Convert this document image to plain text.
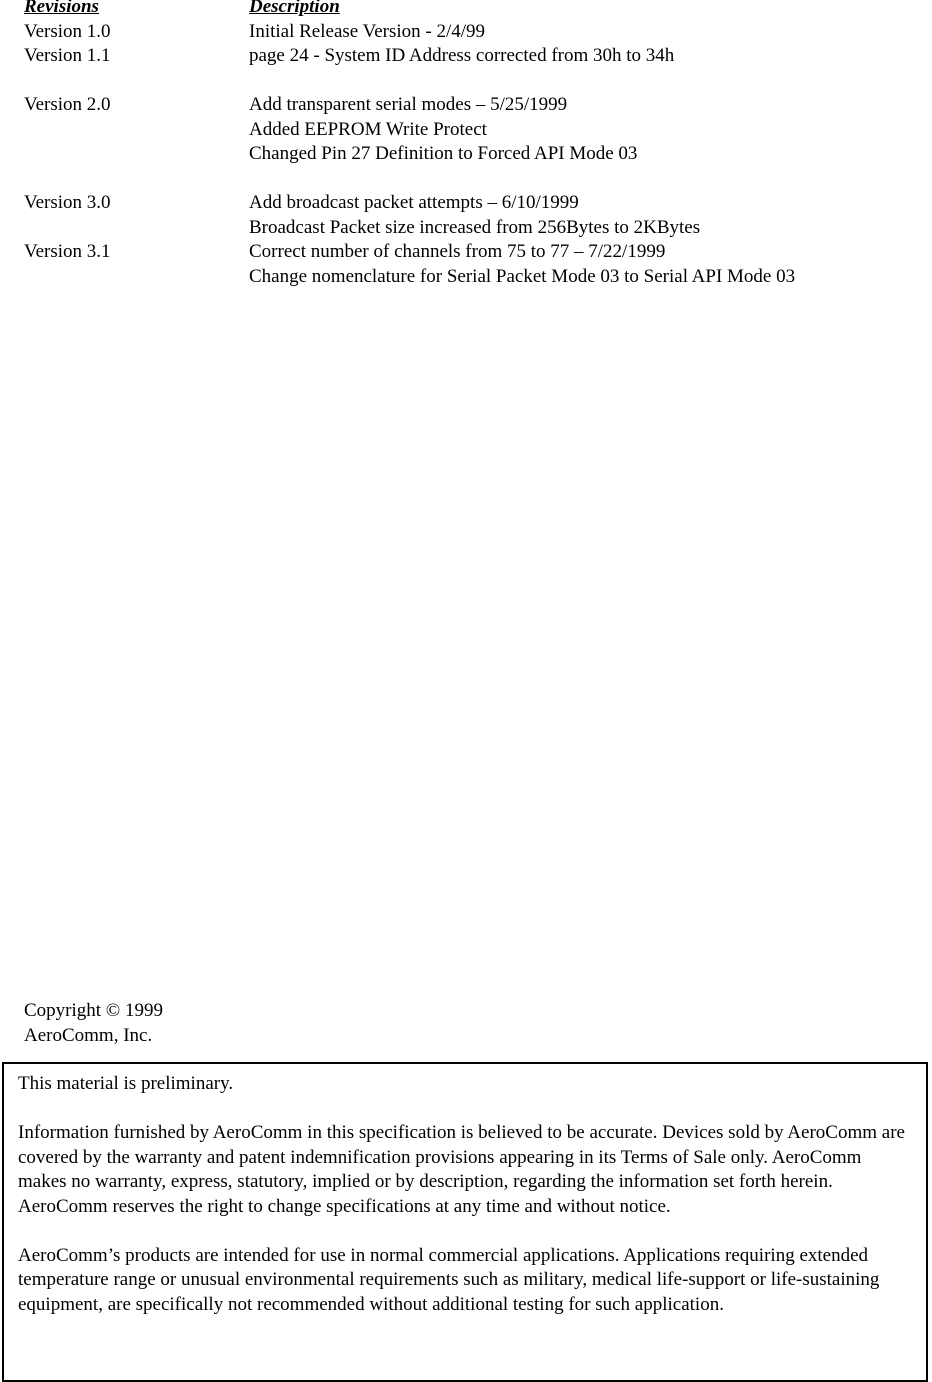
Revisions	Description
Version 1.0	Initial Release Version - 2/4/99
Version 1.1	page 24 - System ID Address corrected from 30h to 34h
Version 2.0	Add transparent serial modes – 5/25/1999
Added EEPROM Write Protect
Changed Pin 27 Definition to Forced API Mode 03
Version 3.0	Add broadcast packet attempts – 6/10/1999
Broadcast Packet size increased from 256Bytes to 2KBytes
Version 3.1	Correct number of channels from 75 to 77 – 7/22/1999
Change nomenclature for Serial Packet Mode 03 to Serial API Mode 03
Copyright © 1999
AeroComm, Inc.

This material is preliminary.

Information furnished by AeroComm in this specification is believed to be accurate. Devices sold by AeroComm are covered by the warranty and patent indemnification provisions appearing in its Terms of Sale only. AeroComm makes no warranty, express, statutory, implied or by description, regarding the information set forth herein. AeroComm reserves the right to change specifications at any time and without notice.

AeroComm’s products are intended for use in normal commercial applications. Applications requiring extended temperature range or unusual environmental requirements such as military, medical life-support or life-sustaining equipment, are specifically not recommended without additional testing for such application.
